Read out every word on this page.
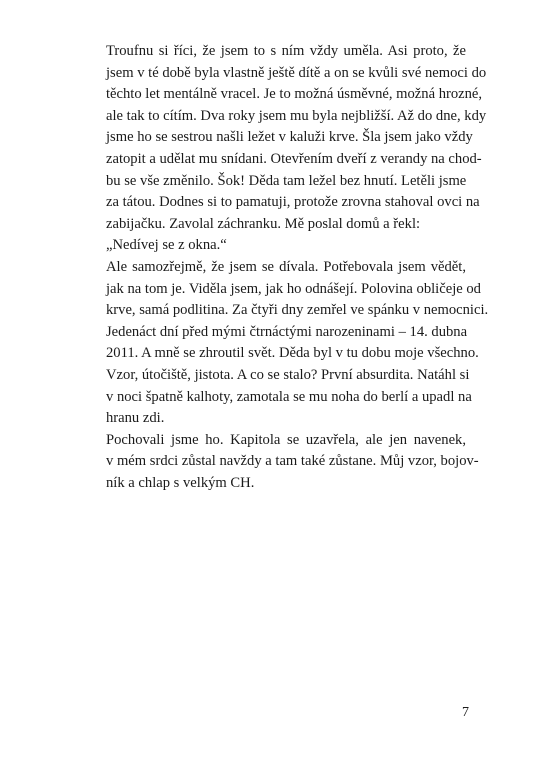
Troufnu si říci, že jsem to s ním vždy uměla. Asi proto, že
jsem v té době byla vlastně ještě dítě a on se kvůli své nemoci do
těchto let mentálně vracel. Je to možná úsměvné, možná hrozné,
ale tak to cítím. Dva roky jsem mu byla nejbližší. Až do dne, kdy
jsme ho se sestrou našli ležet v kaluži krve. Šla jsem jako vždy
zatopit a udělat mu snídani. Otevřením dveří z verandy na chod-
bu se vše změnilo. Šok! Děda tam ležel bez hnutí. Letěli jsme
za tátou. Dodnes si to pamatuji, protože zrovna stahoval ovci na
zabijačku. Zavolal záchranku. Mě poslal domů a řekl:

„Nedívej se z okna.“

Ale samozřejmě, že jsem se dívala. Potřebovala jsem vědět,
jak na tom je. Viděla jsem, jak ho odnášejí. Polovina obličeje od
krve, samá podlitina. Za čtyři dny zemřel ve spánku v nemocnici.
Jedenáct dní před mými čtrnáctými narozeninami – 14. dubna
2011. A mně se zhroutil svět. Děda byl v tu dobu moje všechno.
Vzor, útočiště, jistota. A co se stalo? První absurdita. Natáhl si
v noci špatně kalhoty, zamotala se mu noha do berlí a upadl na
hranu zdi.

Pochovali jsme ho. Kapitola se uzavřela, ale jen navenek,
v mém srdci zůstal navždy a tam také zůstane. Můj vzor, bojov-
ník a chlap s velkým CH.

7
